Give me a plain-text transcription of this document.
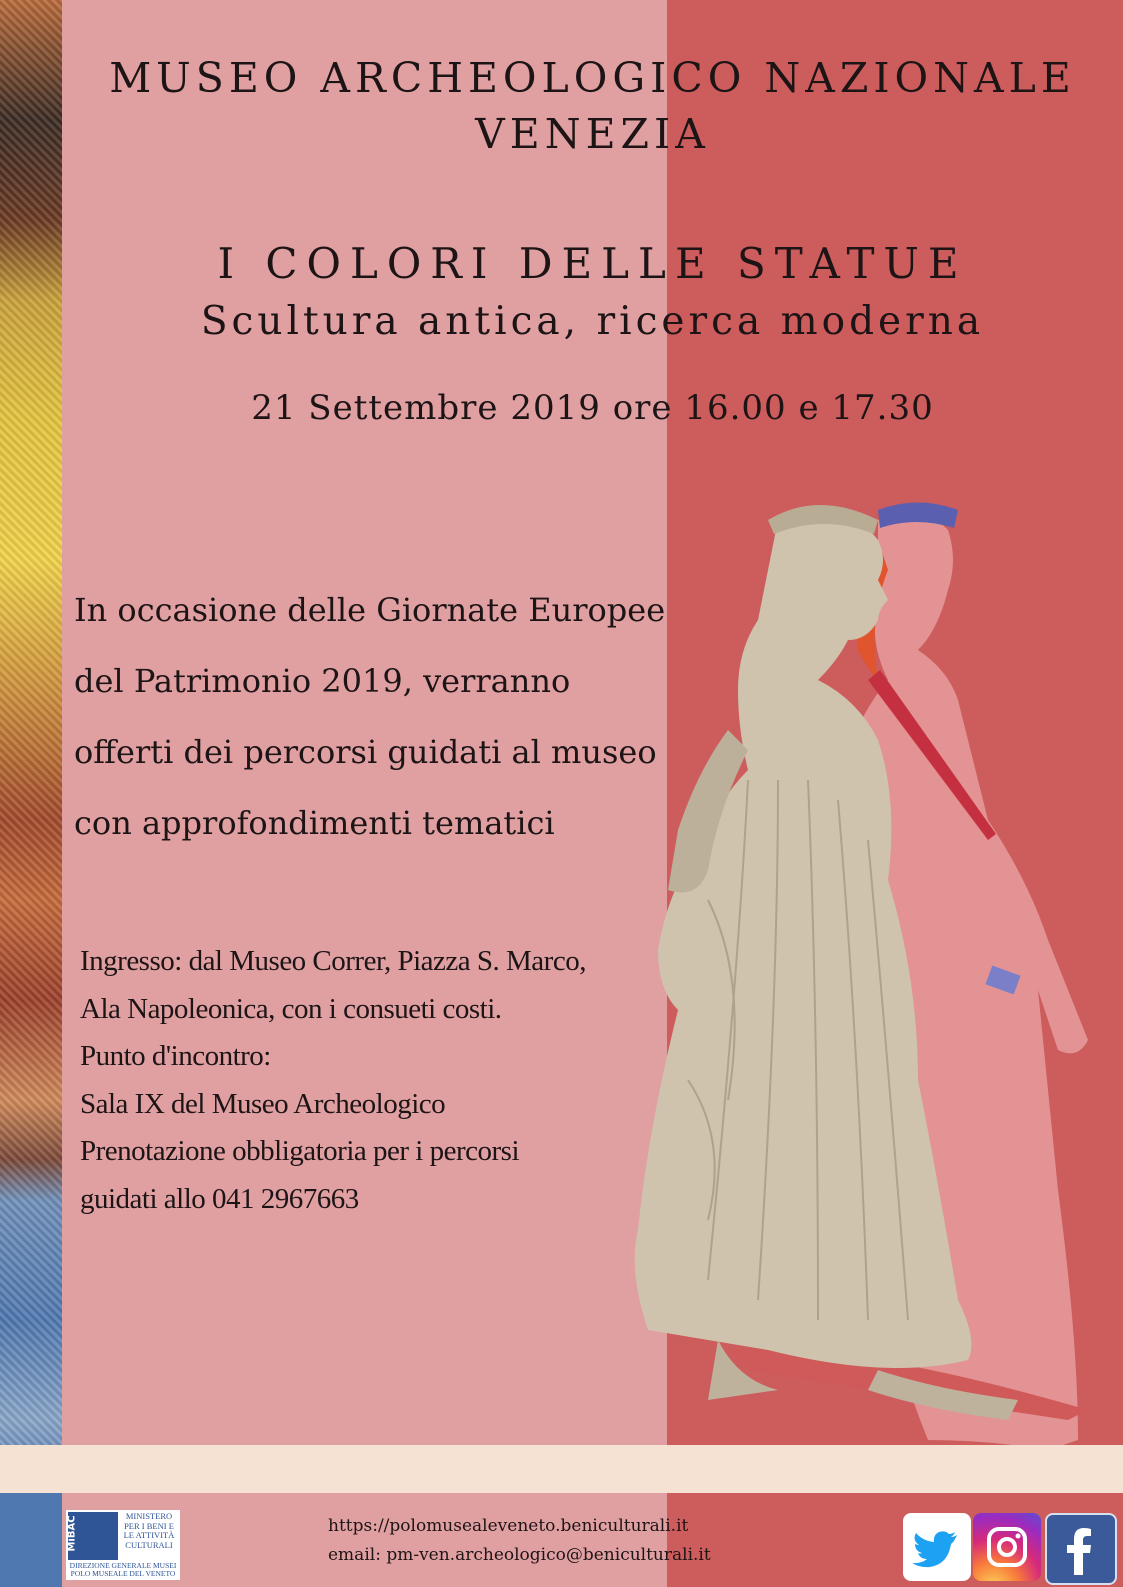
MUSEO ARCHEOLOGICO NAZIONALE
VENEZIA

I COLORI DELLE STATUE

Scultura antica, ricerca moderna

21 Settembre 2019 ore 16.00 e 17.30

In occasione delle Giornate Europee
del Patrimonio 2019, verranno
offerti dei percorsi guidati al museo
con approfondimenti tematici
Ingresso: dal Museo Correr, Piazza S. Marco,
Ala Napoleonica, con i consueti costi.
Punto d'incontro:
Sala IX del Museo Archeologico
Prenotazione obbligatoria per i percorsi
guidati allo 041 2967663
MiBAC	MINISTERO PER I BENI E LE ATTIVITÀ CULTURALI
DIREZIONE GENERALE MUSEI POLO MUSEALE DEL VENETO
https://polomusealeveneto.beniculturali.it
email: pm-ven.archeologico@beniculturali.it
